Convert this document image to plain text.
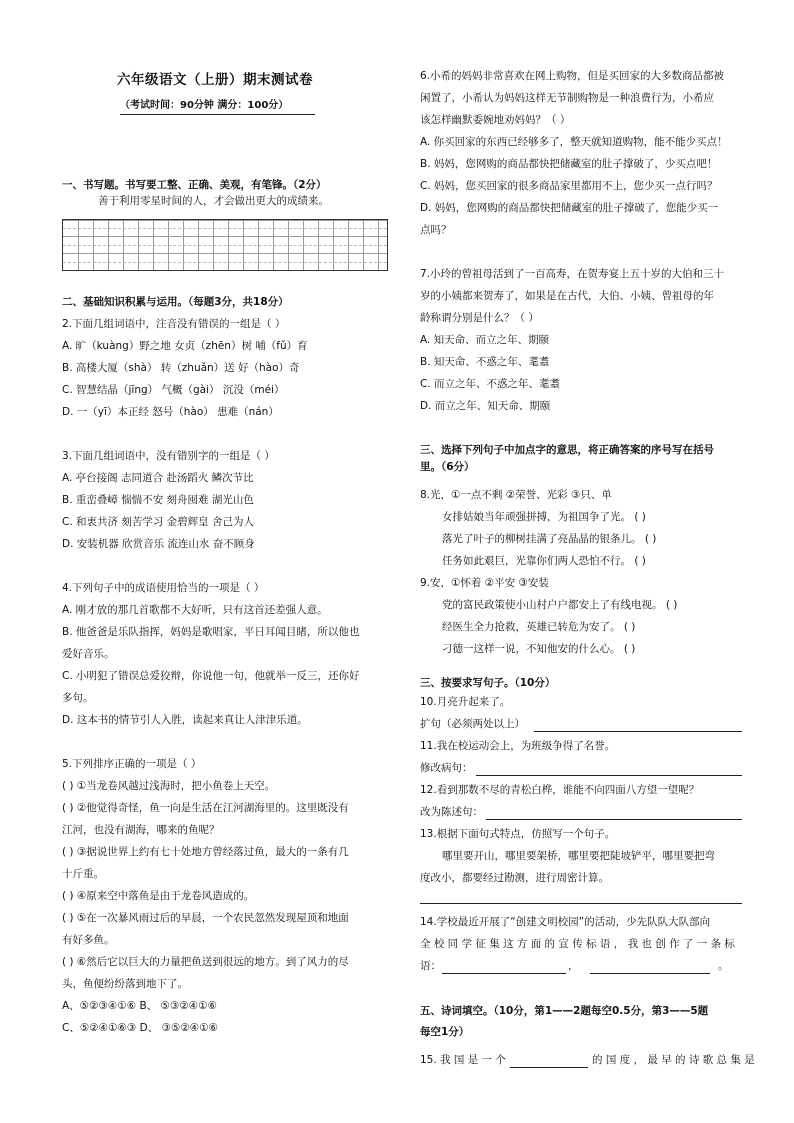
六年级语文（上册）期末测试卷
（考试时间：90分钟 满分：100分）
一、书写题。书写要工整、正确、美观，有笔锋。（2分）
善于利用零星时间的人，才会做出更大的成绩来。
二、基础知识积累与运用。（每题3分，共18分）
2.下面几组词语中，注音没有错误的一组是（ ）
A. 旷（kuàng）野之地 女贞（zhēn）树 哺（fǔ）育
B. 高楼大厦（shà） 转（zhuǎn）送 好（hào）奇
C. 智慧结晶（jīng） 气概（gài） 沉没（méi）
D. 一（yī）本正经 怒号（hào） 患难（nán）
3.下面几组词语中，没有错别字的一组是（ ）
A. 亭台接阁 志同道合 赴汤蹈火 鳞次节比
B. 重峦叠嶂 惴惴不安 刻舟囤难 湖光山色
C. 和衷共济 刻苦学习 金碧辉皇 舍己为人
D. 安装机器 欣赏音乐 流连山水 奋不顾身
4.下列句子中的成语使用恰当的一项是（ ）
A. 刚才放的那几首歌都不大好听，只有这首还差强人意。
B. 他爸爸是乐队指挥，妈妈是歌唱家，平日耳闻目睹，所以他也
爱好音乐。
C. 小明犯了错误总爱狡辩，你说他一句，他就举一反三，还你好
多句。
D. 这本书的情节引人入胜，读起来真让人津津乐道。
5.下列排序正确的一项是（ ）
( ) ①当龙卷风越过浅海时，把小鱼卷上天空。
( ) ②他觉得奇怪，鱼一向是生活在江河湖海里的。这里既没有
江河，也没有湖海，哪来的鱼呢？
( ) ③据说世界上约有七十处地方曾经落过鱼，最大的一条有几
十斤重。
( ) ④原来空中落鱼是由于龙卷风造成的。
( ) ⑤在一次暴风雨过后的早晨，一个农民忽然发现屋顶和地面
有好多鱼。
( ) ⑥然后它以巨大的力量把鱼送到很远的地方。到了风力的尽
头，鱼便纷纷落到地下了。
A、⑤②③④①⑥ B、 ⑤③②④①⑥
C、⑤②④①⑥③ D、 ③⑤②④①⑥
6.小希的妈妈非常喜欢在网上购物，但是买回家的大多数商品都被
闲置了，小希认为妈妈这样无节制购物是一种浪费行为，小希应
该怎样幽默委婉地劝妈妈？（ ）
A. 你买回家的东西已经够多了，整天就知道购物，能不能少买点！
B. 妈妈，您网购的商品都快把储藏室的肚子撑破了，少买点吧！
C. 妈妈，您买回家的很多商品家里都用不上，您少买一点行吗？
D. 妈妈，您网购的商品都快把储藏室的肚子撑破了，您能少买一
点吗？
7.小玲的曾祖母活到了一百高寿，在贺寿宴上五十岁的大伯和三十
岁的小姨都来贺寿了，如果是在古代，大伯、小姨、曾祖母的年
龄称谓分别是什么？（ ）
A. 知天命、而立之年、期颐
B. 知天命、不惑之年、耄耋
C. 而立之年、不惑之年、耄耋
D. 而立之年、知天命、期颐
三、选择下列句子中加点字的意思，将正确答案的序号写在括号
里。（6分）
8.光，①一点不剩 ②荣誉、光彩 ③只、单
女排姑娘当年顽强拼搏，为祖国争了光。 ( )
落光了叶子的柳树挂满了亮晶晶的银条儿。 ( )
任务如此艰巨，光靠你们两人恐怕不行。 ( )
9.安，①怀着 ②平安 ③安装
党的富民政策使小山村户户都安上了有线电视。 ( )
经医生全力抢救，英雄已转危为安了。 ( )
刁德一这样一说，不知他安的什么心。 ( )
三、按要求写句子。（10分）
10.月亮升起来了。
扩句（必须两处以上）
11.我在校运动会上，为班级争得了名誉。
修改病句：
12.看到那数不尽的青松白桦，谁能不向四面八方望一望呢？
改为陈述句：
13.根据下面句式特点，仿照写一个句子。
哪里要开山，哪里要架桥，哪里要把陡坡铲平，哪里要把弯
度改小，都要经过勘测，进行周密计算。
14.学校最近开展了“创建文明校园”的活动，少先队队大队部向
全 校 同 学 征 集 这 方 面 的 宣 传 标 语 ， 我 也 创 作 了 一 条 标
语：	，	。
五、诗词填空。（10分，第1——2题每空0.5分，第3——5题
每空1分）
15. 我 国 是 一 个	的 国 度 ， 最 早 的 诗 歌 总 集 是
